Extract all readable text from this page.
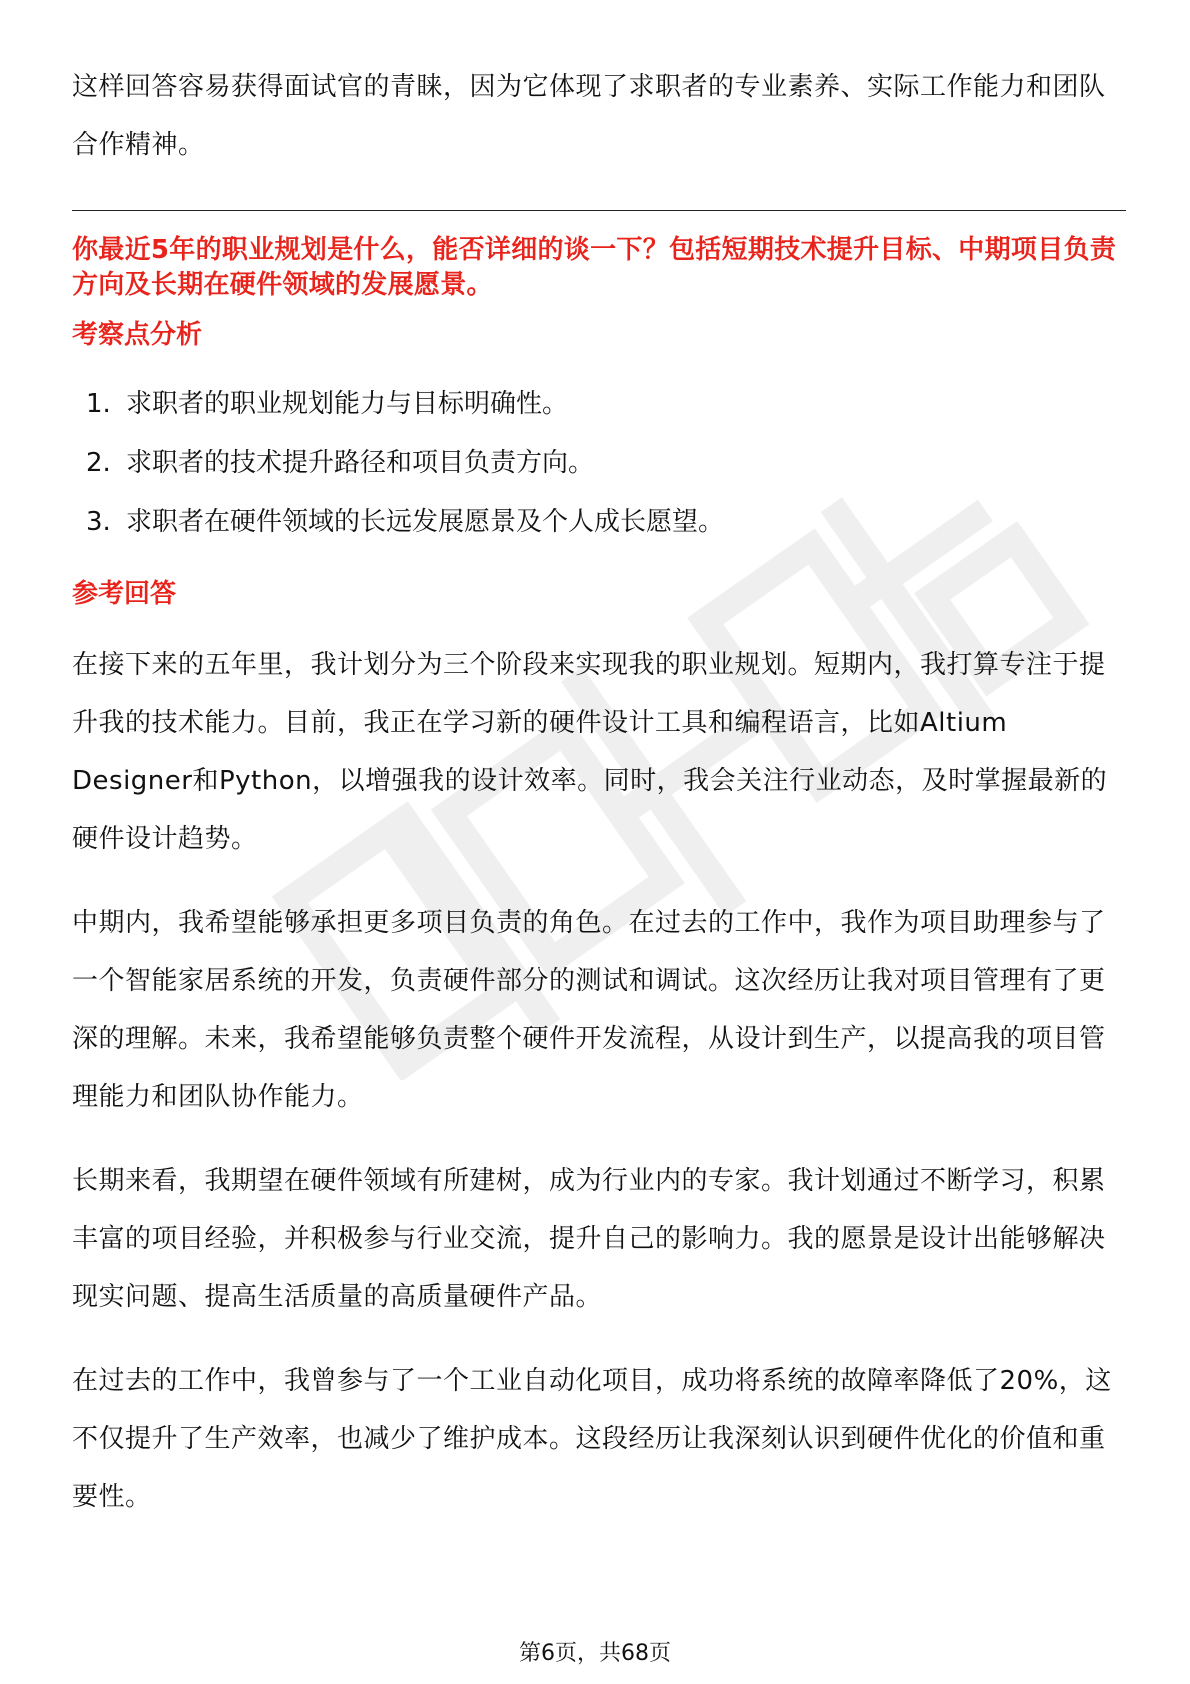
这样回答容易获得面试官的青睐，因为它体现了求职者的专业素养、实际工作能力和团队合作精神。

你最近5年的职业规划是什么，能否详细的谈一下？包括短期技术提升目标、中期项目负责方向及长期在硬件领域的发展愿景。

考察点分析

1. 求职者的职业规划能力与目标明确性。
2. 求职者的技术提升路径和项目负责方向。
3. 求职者在硬件领域的长远发展愿景及个人成长愿望。

参考回答

在接下来的五年里，我计划分为三个阶段来实现我的职业规划。短期内，我打算专注于提升我的技术能力。目前，我正在学习新的硬件设计工具和编程语言，比如Altium Designer和Python，以增强我的设计效率。同时，我会关注行业动态，及时掌握最新的硬件设计趋势。

中期内，我希望能够承担更多项目负责的角色。在过去的工作中，我作为项目助理参与了一个智能家居系统的开发，负责硬件部分的测试和调试。这次经历让我对项目管理有了更深的理解。未来，我希望能够负责整个硬件开发流程，从设计到生产，以提高我的项目管理能力和团队协作能力。

长期来看，我期望在硬件领域有所建树，成为行业内的专家。我计划通过不断学习，积累丰富的项目经验，并积极参与行业交流，提升自己的影响力。我的愿景是设计出能够解决现实问题、提高生活质量的高质量硬件产品。

在过去的工作中，我曾参与了一个工业自动化项目，成功将系统的故障率降低了20%，这不仅提升了生产效率，也减少了维护成本。这段经历让我深刻认识到硬件优化的价值和重要性。

第6页，共68页
